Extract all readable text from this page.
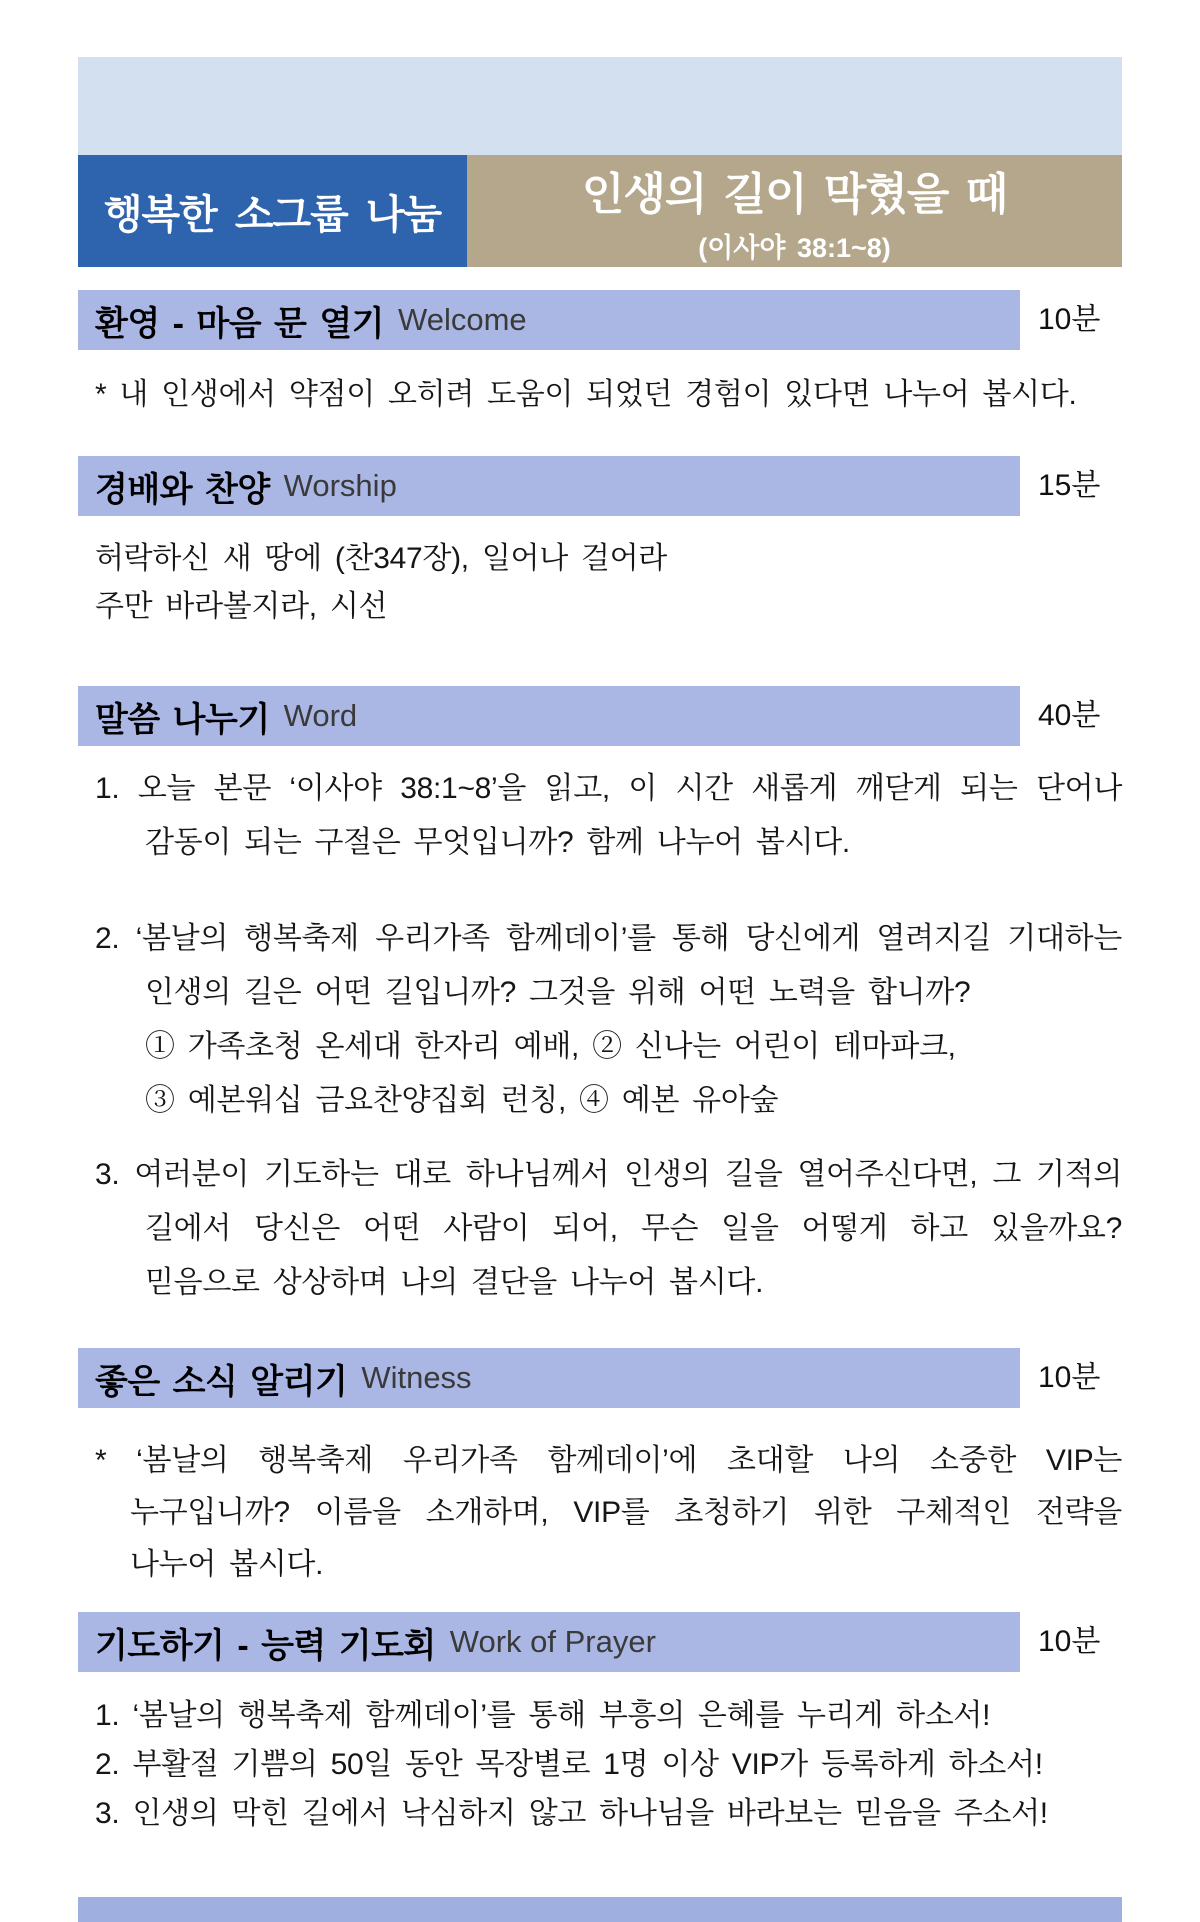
행복한 소그룹 나눔	인생의 길이 막혔을 때
(이사야 38:1~8)
환영 - 마음 문 열기 Welcome	10분
* 내 인생에서 약점이 오히려 도움이 되었던 경험이 있다면 나누어 봅시다.
경배와 찬양 Worship	15분
허락하신 새 땅에 (찬347장), 일어나 걸어라
주만 바라볼지라, 시선
말씀 나누기 Word	40분
1. 오늘 본문 ‘이사야 38:1~8’을 읽고, 이 시간 새롭게 깨닫게 되는 단어나
감동이 되는 구절은 무엇입니까? 함께 나누어 봅시다.
2. ‘봄날의 행복축제 우리가족 함께데이’를 통해 당신에게 열려지길 기대하는
인생의 길은 어떤 길입니까? 그것을 위해 어떤 노력을 합니까?
① 가족초청 온세대 한자리 예배, ② 신나는 어린이 테마파크,
③ 예본워십 금요찬양집회 런칭, ④ 예본 유아숲
3. 여러분이 기도하는 대로 하나님께서 인생의 길을 열어주신다면, 그 기적의
길에서 당신은 어떤 사람이 되어, 무슨 일을 어떻게 하고 있을까요?
믿음으로 상상하며 나의 결단을 나누어 봅시다.
좋은 소식 알리기 Witness	10분
* ‘봄날의 행복축제 우리가족 함께데이’에 초대할 나의 소중한 VIP는
누구입니까? 이름을 소개하며, VIP를 초청하기 위한 구체적인 전략을
나누어 봅시다.
기도하기 - 능력 기도회 Work of Prayer	10분
1. ‘봄날의 행복축제 함께데이’를 통해 부흥의 은혜를 누리게 하소서!
2. 부활절 기쁨의 50일 동안 목장별로 1명 이상 VIP가 등록하게 하소서!
3. 인생의 막힌 길에서 낙심하지 않고 하나님을 바라보는 믿음을 주소서!
